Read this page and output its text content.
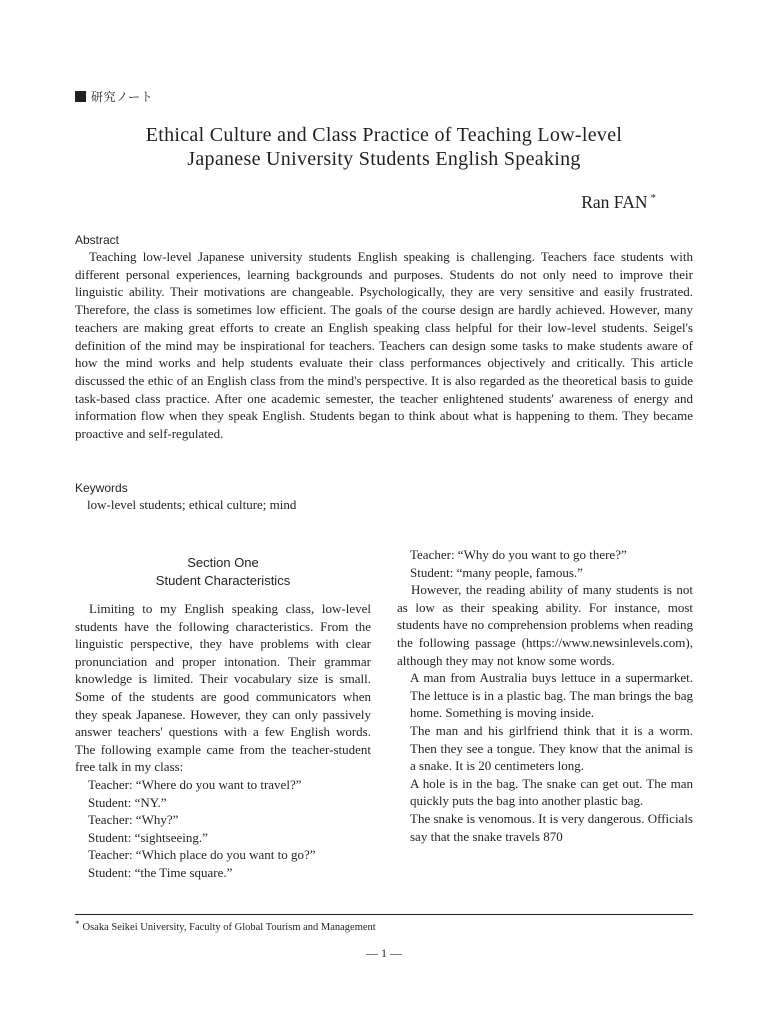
研究ノート
Ethical Culture and Class Practice of Teaching Low-level
Japanese University Students English Speaking
Ran FAN *
Abstract

Teaching low-level Japanese university students English speaking is challenging. Teachers face students with different personal experiences, learning backgrounds and purposes. Students do not only need to improve their linguistic ability. Their motivations are changeable. Psychologically, they are very sensitive and easily frustrated. Therefore, the class is sometimes low efficient. The goals of the course design are hardly achieved. However, many teachers are making great efforts to create an English speaking class helpful for their low-level students. Seigel's definition of the mind may be inspirational for teachers. Teachers can design some tasks to make students aware of how the mind works and help students evaluate their class performances objectively and critically. This article discussed the ethic of an English class from the mind's perspective. It is also regarded as the theoretical basis to guide task-based class practice. After one academic semester, the teacher enlightened students' awareness of energy and information flow when they speak English. Students began to think about what is happening to them. They became proactive and self-regulated.

Keywords
low-level students; ethical culture; mind
Section One
Student Characteristics

Limiting to my English speaking class, low-level students have the following characteristics. From the linguistic perspective, they have problems with clear pronunciation and proper intonation. Their grammar knowledge is limited. Their vocabulary size is small. Some of the students are good communicators when they speak Japanese. However, they can only passively answer teachers' questions with a few English words. The following example came from the teacher-student free talk in my class:

Teacher: “Where do you want to travel?”

Student: “NY.”

Teacher: “Why?”

Student: “sightseeing.”

Teacher: “Which place do you want to go?”

Student: “the Time square.”

Teacher: “Why do you want to go there?”

Student: “many people, famous.”

However, the reading ability of many students is not as low as their speaking ability. For instance, most students have no comprehension problems when reading the following passage (https://www.newsinlevels.com), although they may not know some words.

A man from Australia buys lettuce in a supermarket. The lettuce is in a plastic bag. The man brings the bag home. Something is moving inside.

The man and his girlfriend think that it is a worm. Then they see a tongue. They know that the animal is a snake. It is 20 centimeters long.

A hole is in the bag. The snake can get out. The man quickly puts the bag into another plastic bag.

The snake is venomous. It is very dangerous. Officials say that the snake travels 870

* Osaka Seikei University, Faculty of Global Tourism and Management
— 1 —
